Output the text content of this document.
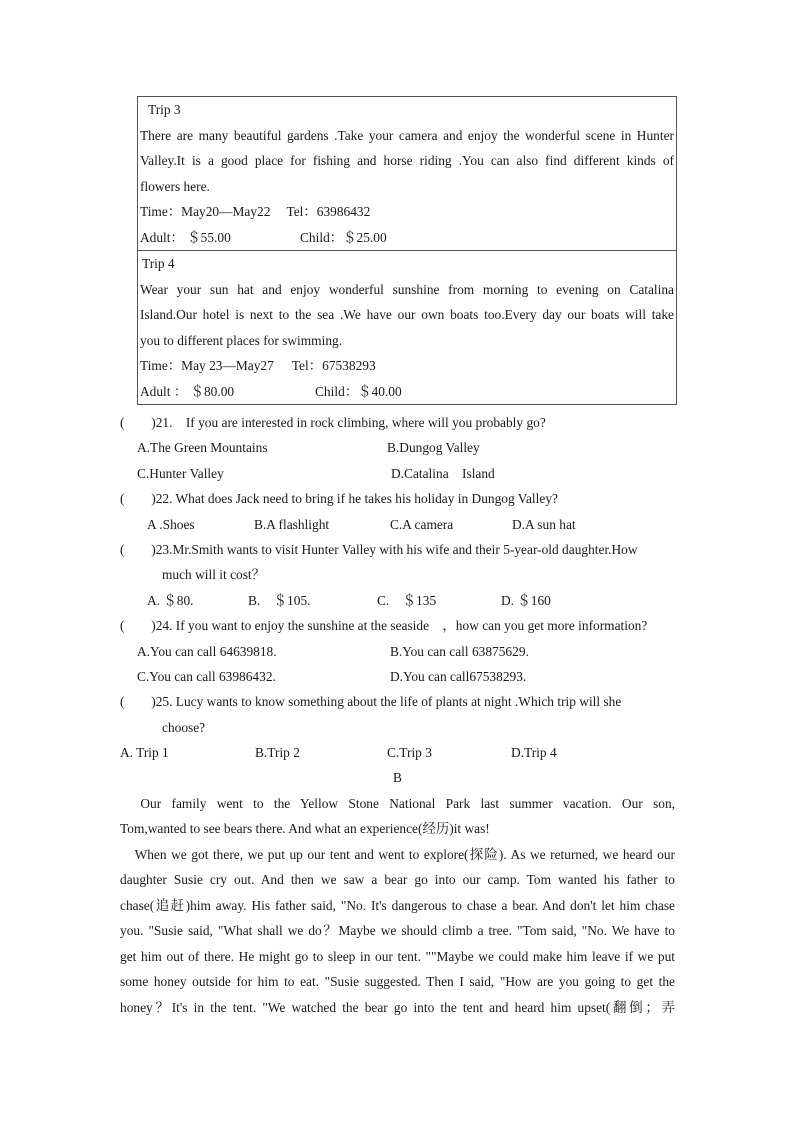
Trip 3
There are many beautiful gardens .Take your camera and enjoy the wonderful scene in Hunter
Valley.It is a good place for fishing and horse riding .You can also find different kinds of
flowers here.
Time：May20—May22 Tel：63986432
Adult： ＄55.00	Child：＄25.00
Trip 4
Wear your sun hat and enjoy wonderful sunshine from morning to evening on Catalina
Island.Our hotel is next to the sea .We have our own boats too.Every day our boats will take
you to different places for swimming.
Time：May 23—May27 Tel：67538293
Adult ： ＄80.00	Child：＄40.00
(　　)21.　If you are interested in rock climbing, where will you probably go?
A.The Green Mountains	B.Dungog Valley
C.Hunter Valley	D.Catalina　Island
(　　)22. What does Jack need to bring if he takes his holiday in Dungog Valley?
A .Shoes	B.A flashlight	C.A camera	D.A sun hat
(　　)23.Mr.Smith wants to visit Hunter Valley with his wife and their 5-year-old daughter.How
much will it cost？
A. ＄80.	B.　＄105.	C.　＄135	D. ＄160
(　　)24. If you want to enjoy the sunshine at the seaside　，how can you get more information?
A.You can call 64639818.	B.You can call 63875629.
C.You can call 63986432.	D.You can call67538293.
(　　)25. Lucy wants to know something about the life of plants at night .Which trip will she
choose?
A. Trip 1	B.Trip 2	C.Trip 3	D.Trip 4
B
　Our family went to the Yellow Stone National Park last summer vacation. Our son,
Tom,wanted to see bears there. And what an experience(经历)it was!
　When we got there, we put up our tent and went to explore(探险). As we returned, we heard our
daughter Susie cry out. And then we saw a bear go into our camp. Tom wanted his father to
chase(追赶)him away. His father said, "No. It's dangerous to chase a bear. And don't let him chase
you. "Susie said, "What shall we do？Maybe we should climb a tree. "Tom said, "No. We have to
get him out of there. He might go to sleep in our tent. ""Maybe we could make him leave if we put
some honey outside for him to eat. "Susie suggested. Then I said, "How are you going to get the
honey？It's in the tent. "We watched the bear go into the tent and heard him upset(翻倒；弄
